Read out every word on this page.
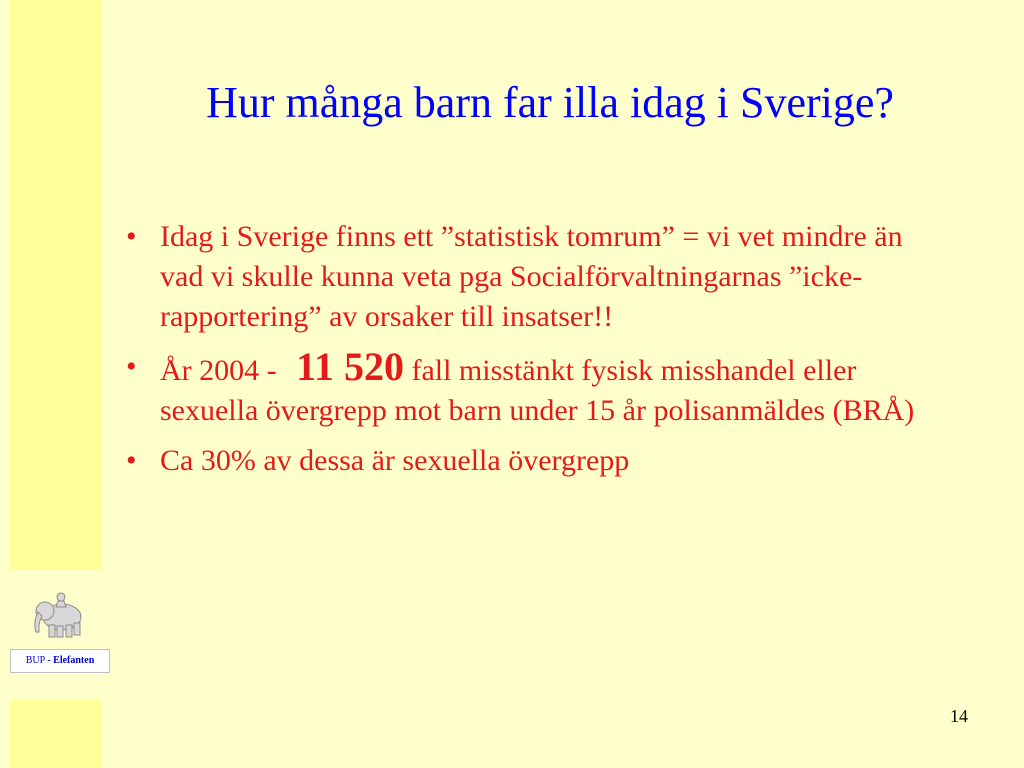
BUP - Elefanten
Hur många barn far illa idag i Sverige?
• Idag i Sverige finns ett ”statistisk tomrum” = vi vet mindre än vad vi skulle kunna veta pga Socialförvaltningarnas ”icke-rapportering” av orsaker till insatser!!
• År 2004 - 11 520 fall misstänkt fysisk misshandel eller sexuella övergrepp mot barn under 15 år polisanmäldes (BRÅ)
• Ca 30% av dessa är sexuella övergrepp
14
